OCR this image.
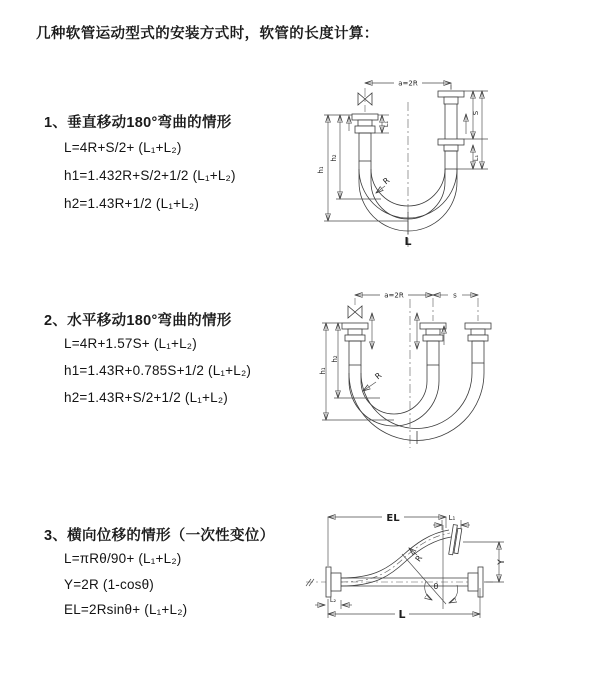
几种软管运动型式的安装方式时，软管的长度计算：
1、垂直移动180°弯曲的情形
L=4R+S/2+ (L₁+L₂)
h1=1.432R+S/2+1/2 (L₁+L₂)
h2=1.43R+1/2 (L₁+L₂)
a=2R
h₁
h₂
L₁
S
L₁
R
L
2、水平移动180°弯曲的情形
L=4R+1.57S+ (L₁+L₂)
h1=1.43R+0.785S+1/2 (L₁+L₂)
h2=1.43R+S/2+1/2 (L₁+L₂)
a=2R	s
h₁
h₂
R
3、横向位移的情形（一次性变位）
L=πRθ/90+ (L₁+L₂)
Y=2R (1-cosθ)
EL=2Rsinθ+ (L₁+L₂)
EL	L₁
Y
R
θ
L
L₂
